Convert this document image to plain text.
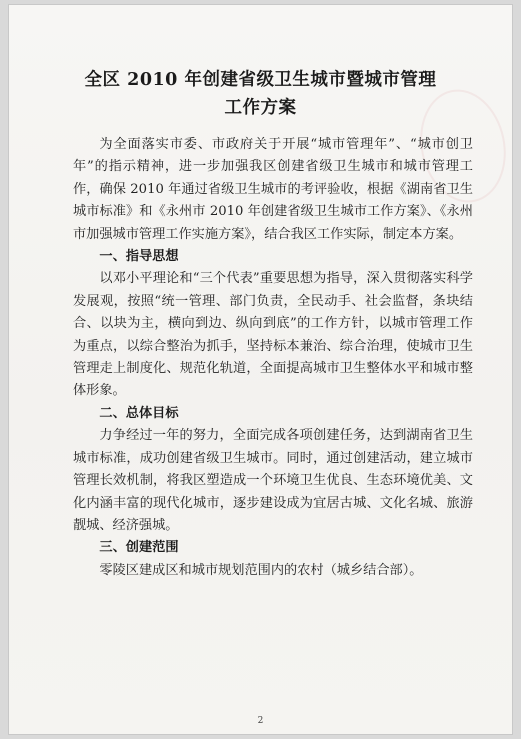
全区 2010 年创建省级卫生城市暨城市管理
工作方案

为全面落实市委、市政府关于开展“城市管理年”、“城市创卫年”的指示精神，进一步加强我区创建省级卫生城市和城市管理工作，确保 2010 年通过省级卫生城市的考评验收，根据《湖南省卫生城市标准》和《永州市 2010 年创建省级卫生城市工作方案》、《永州市加强城市管理工作实施方案》，结合我区工作实际，制定本方案。

一、指导思想

以邓小平理论和“三个代表”重要思想为指导，深入贯彻落实科学发展观，按照“统一管理、部门负责，全民动手、社会监督，条块结合、以块为主，横向到边、纵向到底”的工作方针，以城市管理工作为重点，以综合整治为抓手，坚持标本兼治、综合治理，使城市卫生管理走上制度化、规范化轨道，全面提高城市卫生整体水平和城市整体形象。

二、总体目标

力争经过一年的努力，全面完成各项创建任务，达到湖南省卫生城市标准，成功创建省级卫生城市。同时，通过创建活动，建立城市管理长效机制，将我区塑造成一个环境卫生优良、生态环境优美、文化内涵丰富的现代化城市，逐步建设成为宜居古城、文化名城、旅游靓城、经济强城。

三、创建范围

零陵区建成区和城市规划范围内的农村（城乡结合部）。

2
